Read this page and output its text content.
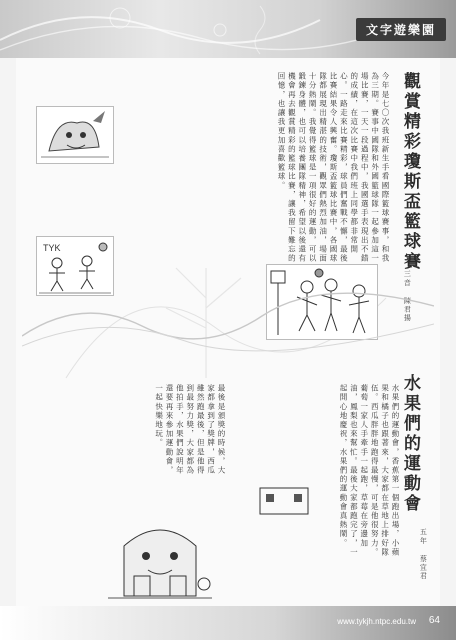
文字遊樂園
觀賞精彩瓊斯盃籃球賽
三音 陳君揚
今年是七〇次我班新生手看國際籃球賽事，和我為三期。賽事中國隊和外國籃球隊一起參加這一場比賽，一天一段過程中，我國選手表現出不錯的成績，在這次比賽中我們班上同學都非常開心。一路走來比賽精彩，球員們奮戰不懈，最後比賽結果令人興奮。瓊斯盃籃球比賽中，各國球隊都展現出精湛的技術，觀眾們熱烈加油，場面十分熱鬧。我覺得籃球是一項很好的運動，可以鍛鍊身體，也可以培養團隊精神，希望以後還有機會再去觀賞精彩的籃球比賽，讓我留下難忘的回憶，也讓我更加喜歡籃球。
TYK
水果們的運動會
五年 蔡宜君
水果們的運動會，香蕉第一個跑出場，小蘋果和橘子也跟著來，大家都在草地上排好隊伍。西瓜胖胖地跑得最慢，可是他很努力。葡萄一家人手牽手一起跑，草莓在旁邊加油，鳳梨也來幫忙。最後大家都跑完了，一起開心地慶祝，水果們的運動會真熱鬧。
最後是頒獎的時候，大家都拿到了獎牌，西瓜雖然跑最後，但是他得到最努力獎，大家都為他拍手，水果們說明年還要再來參加運動會，一起快樂地玩。
www.tykjh.ntpc.edu.tw 64
